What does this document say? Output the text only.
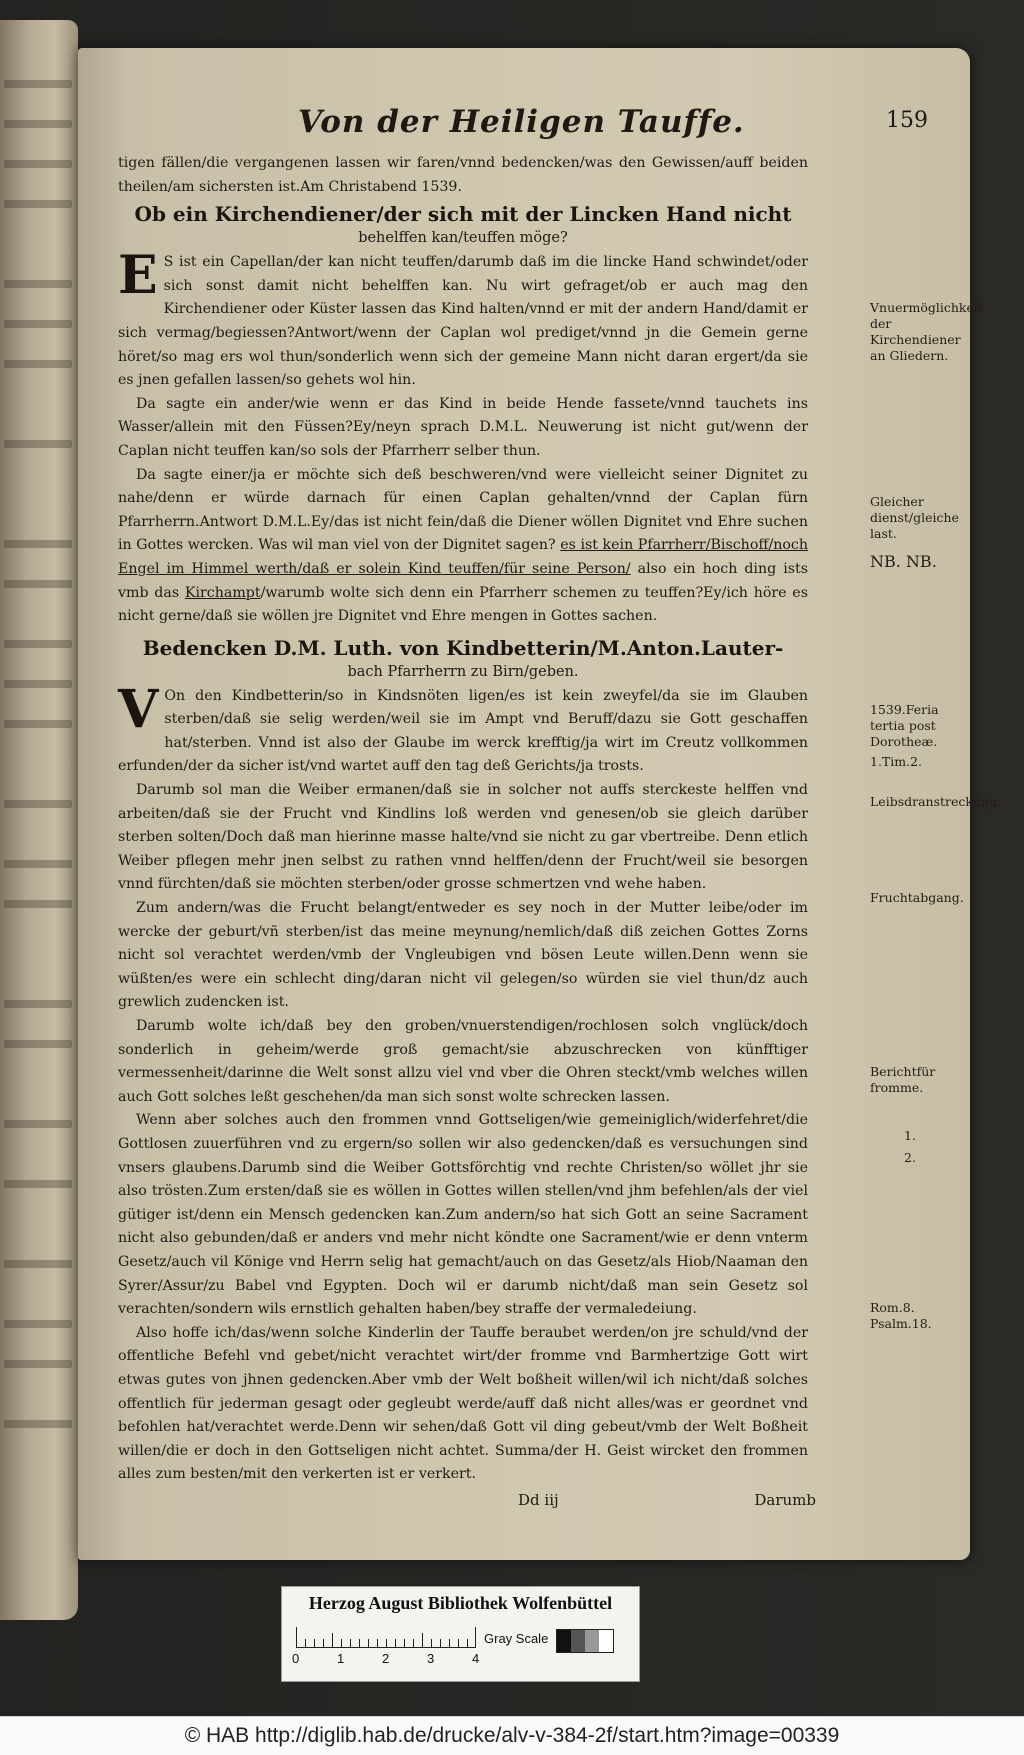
Von der Heiligen Tauffe.	159

tigen fällen/die vergangenen lassen wir faren/vnnd bedencken/was den Gewissen/auff beiden theilen/am sichersten ist.Am Christabend 1539.

Ob ein Kirchendiener/der sich mit der Lincken Hand nicht
behelffen kan/teuffen möge?

E S ist ein Capellan/der kan nicht teuffen/darumb daß im die lincke Hand schwindet/oder sich sonst damit nicht behelffen kan. Nu wirt gefraget/ob er auch mag den Kirchendiener oder Küster lassen das Kind halten/vnnd er mit der andern Hand/damit er sich vermag/begiessen?Antwort/wenn der Caplan wol prediget/vnnd jn die Gemein gerne höret/so mag ers wol thun/sonderlich wenn sich der gemeine Mann nicht daran ergert/da sie es jnen gefallen lassen/so gehets wol hin.

Da sagte ein ander/wie wenn er das Kind in beide Hende fassete/vnnd tauchets ins Wasser/allein mit den Füssen?Ey/neyn sprach D.M.L. Neuwerung ist nicht gut/wenn der Caplan nicht teuffen kan/so sols der Pfarrherr selber thun.

Da sagte einer/ja er möchte sich deß beschweren/vnd were vielleicht seiner Dignitet zu nahe/denn er würde darnach für einen Caplan gehalten/vnnd der Caplan fürn Pfarrherrn.Antwort D.M.L.Ey/das ist nicht fein/daß die Diener wöllen Dignitet vnd Ehre suchen in Gottes wercken. Was wil man viel von der Dignitet sagen? es ist kein Pfarrherr/Bischoff/noch Engel im Himmel werth/daß er solein Kind teuffen/für seine Person/ also ein hoch ding ists vmb das Kirchampt/warumb wolte sich denn ein Pfarrherr schemen zu teuffen?Ey/ich höre es nicht gerne/daß sie wöllen jre Dignitet vnd Ehre mengen in Gottes sachen.

Bedencken D.M. Luth. von Kindbetterin/M.Anton.Lauter-
bach Pfarrherrn zu Birn/geben.

V On den Kindbetterin/so in Kindsnöten ligen/es ist kein zweyfel/da sie im Glauben sterben/daß sie selig werden/weil sie im Ampt vnd Beruff/dazu sie Gott geschaffen hat/sterben. Vnnd ist also der Glaube im werck krefftig/ja wirt im Creutz vollkommen erfunden/der da sicher ist/vnd wartet auff den tag deß Gerichts/ja trosts.

Darumb sol man die Weiber ermanen/daß sie in solcher not auffs sterckeste helffen vnd arbeiten/daß sie der Frucht vnd Kindlins loß werden vnd genesen/ob sie gleich darüber sterben solten/Doch daß man hierinne masse halte/vnd sie nicht zu gar vbertreibe. Denn etlich Weiber pflegen mehr jnen selbst zu rathen vnnd helffen/denn der Frucht/weil sie besorgen vnnd fürchten/daß sie möchten sterben/oder grosse schmertzen vnd wehe haben.

Zum andern/was die Frucht belangt/entweder es sey noch in der Mutter leibe/oder im wercke der geburt/vñ sterben/ist das meine meynung/nemlich/daß diß zeichen Gottes Zorns nicht sol verachtet werden/vmb der Vngleubigen vnd bösen Leute willen.Denn wenn sie wüßten/es were ein schlecht ding/daran nicht vil gelegen/so würden sie viel thun/dz auch grewlich zudencken ist.

Darumb wolte ich/daß bey den groben/vnuerstendigen/rochlosen solch vnglück/doch sonderlich in geheim/werde groß gemacht/sie abzuschrecken von künfftiger vermessenheit/darinne die Welt sonst allzu viel vnd vber die Ohren steckt/vmb welches willen auch Gott solches leßt geschehen/da man sich sonst wolte schrecken lassen.

Wenn aber solches auch den frommen vnnd Gottseligen/wie gemeiniglich/widerfehret/die Gottlosen zuuerführen vnd zu ergern/so sollen wir also gedencken/daß es versuchungen sind vnsers glaubens.Darumb sind die Weiber Gottsförchtig vnd rechte Christen/so wöllet jhr sie also trösten.Zum ersten/daß sie es wöllen in Gottes willen stellen/vnd jhm befehlen/als der viel gütiger ist/denn ein Mensch gedencken kan.Zum andern/so hat sich Gott an seine Sacrament nicht also gebunden/daß er anders vnd mehr nicht köndte one Sacrament/wie er denn vnterm Gesetz/auch vil Könige vnd Herrn selig hat gemacht/auch on das Gesetz/als Hiob/Naaman den Syrer/Assur/zu Babel vnd Egypten. Doch wil er darumb nicht/daß man sein Gesetz sol verachten/sondern wils ernstlich gehalten haben/bey straffe der vermaledeiung.

Also hoffe ich/das/wenn solche Kinderlin der Tauffe beraubet werden/on jre schuld/vnd der offentliche Befehl vnd gebet/nicht verachtet wirt/der fromme vnd Barmhertzige Gott wirt etwas gutes von jhnen gedencken.Aber vmb der Welt boßheit willen/wil ich nicht/daß solches offentlich für jederman gesagt oder gegleubt werde/auff daß nicht alles/was er geordnet vnd befohlen hat/verachtet werde.Denn wir sehen/daß Gott vil ding gebeut/vmb der Welt Boßheit willen/die er doch in den Gottseligen nicht achtet. Summa/der H. Geist wircket den frommen alles zum besten/mit den verkerten ist er verkert.

Dd iij	Darumb
Vnuermöglichkeit der Kirchendiener an Gliedern.
Gleicher dienst/gleiche last.
NB. NB.
1539.Feria tertia post Dorotheæ.
1.Tim.2.
Leibsdranstreckung.
Fruchtabgang.
Berichtfür fromme.
1.
2.
Rom.8. Psalm.18.
Herzog August Bibliothek Wolfenbüttel
0	1	2	3	4
Gray Scale
© HAB http://diglib.hab.de/drucke/alv-v-384-2f/start.htm?image=00339
